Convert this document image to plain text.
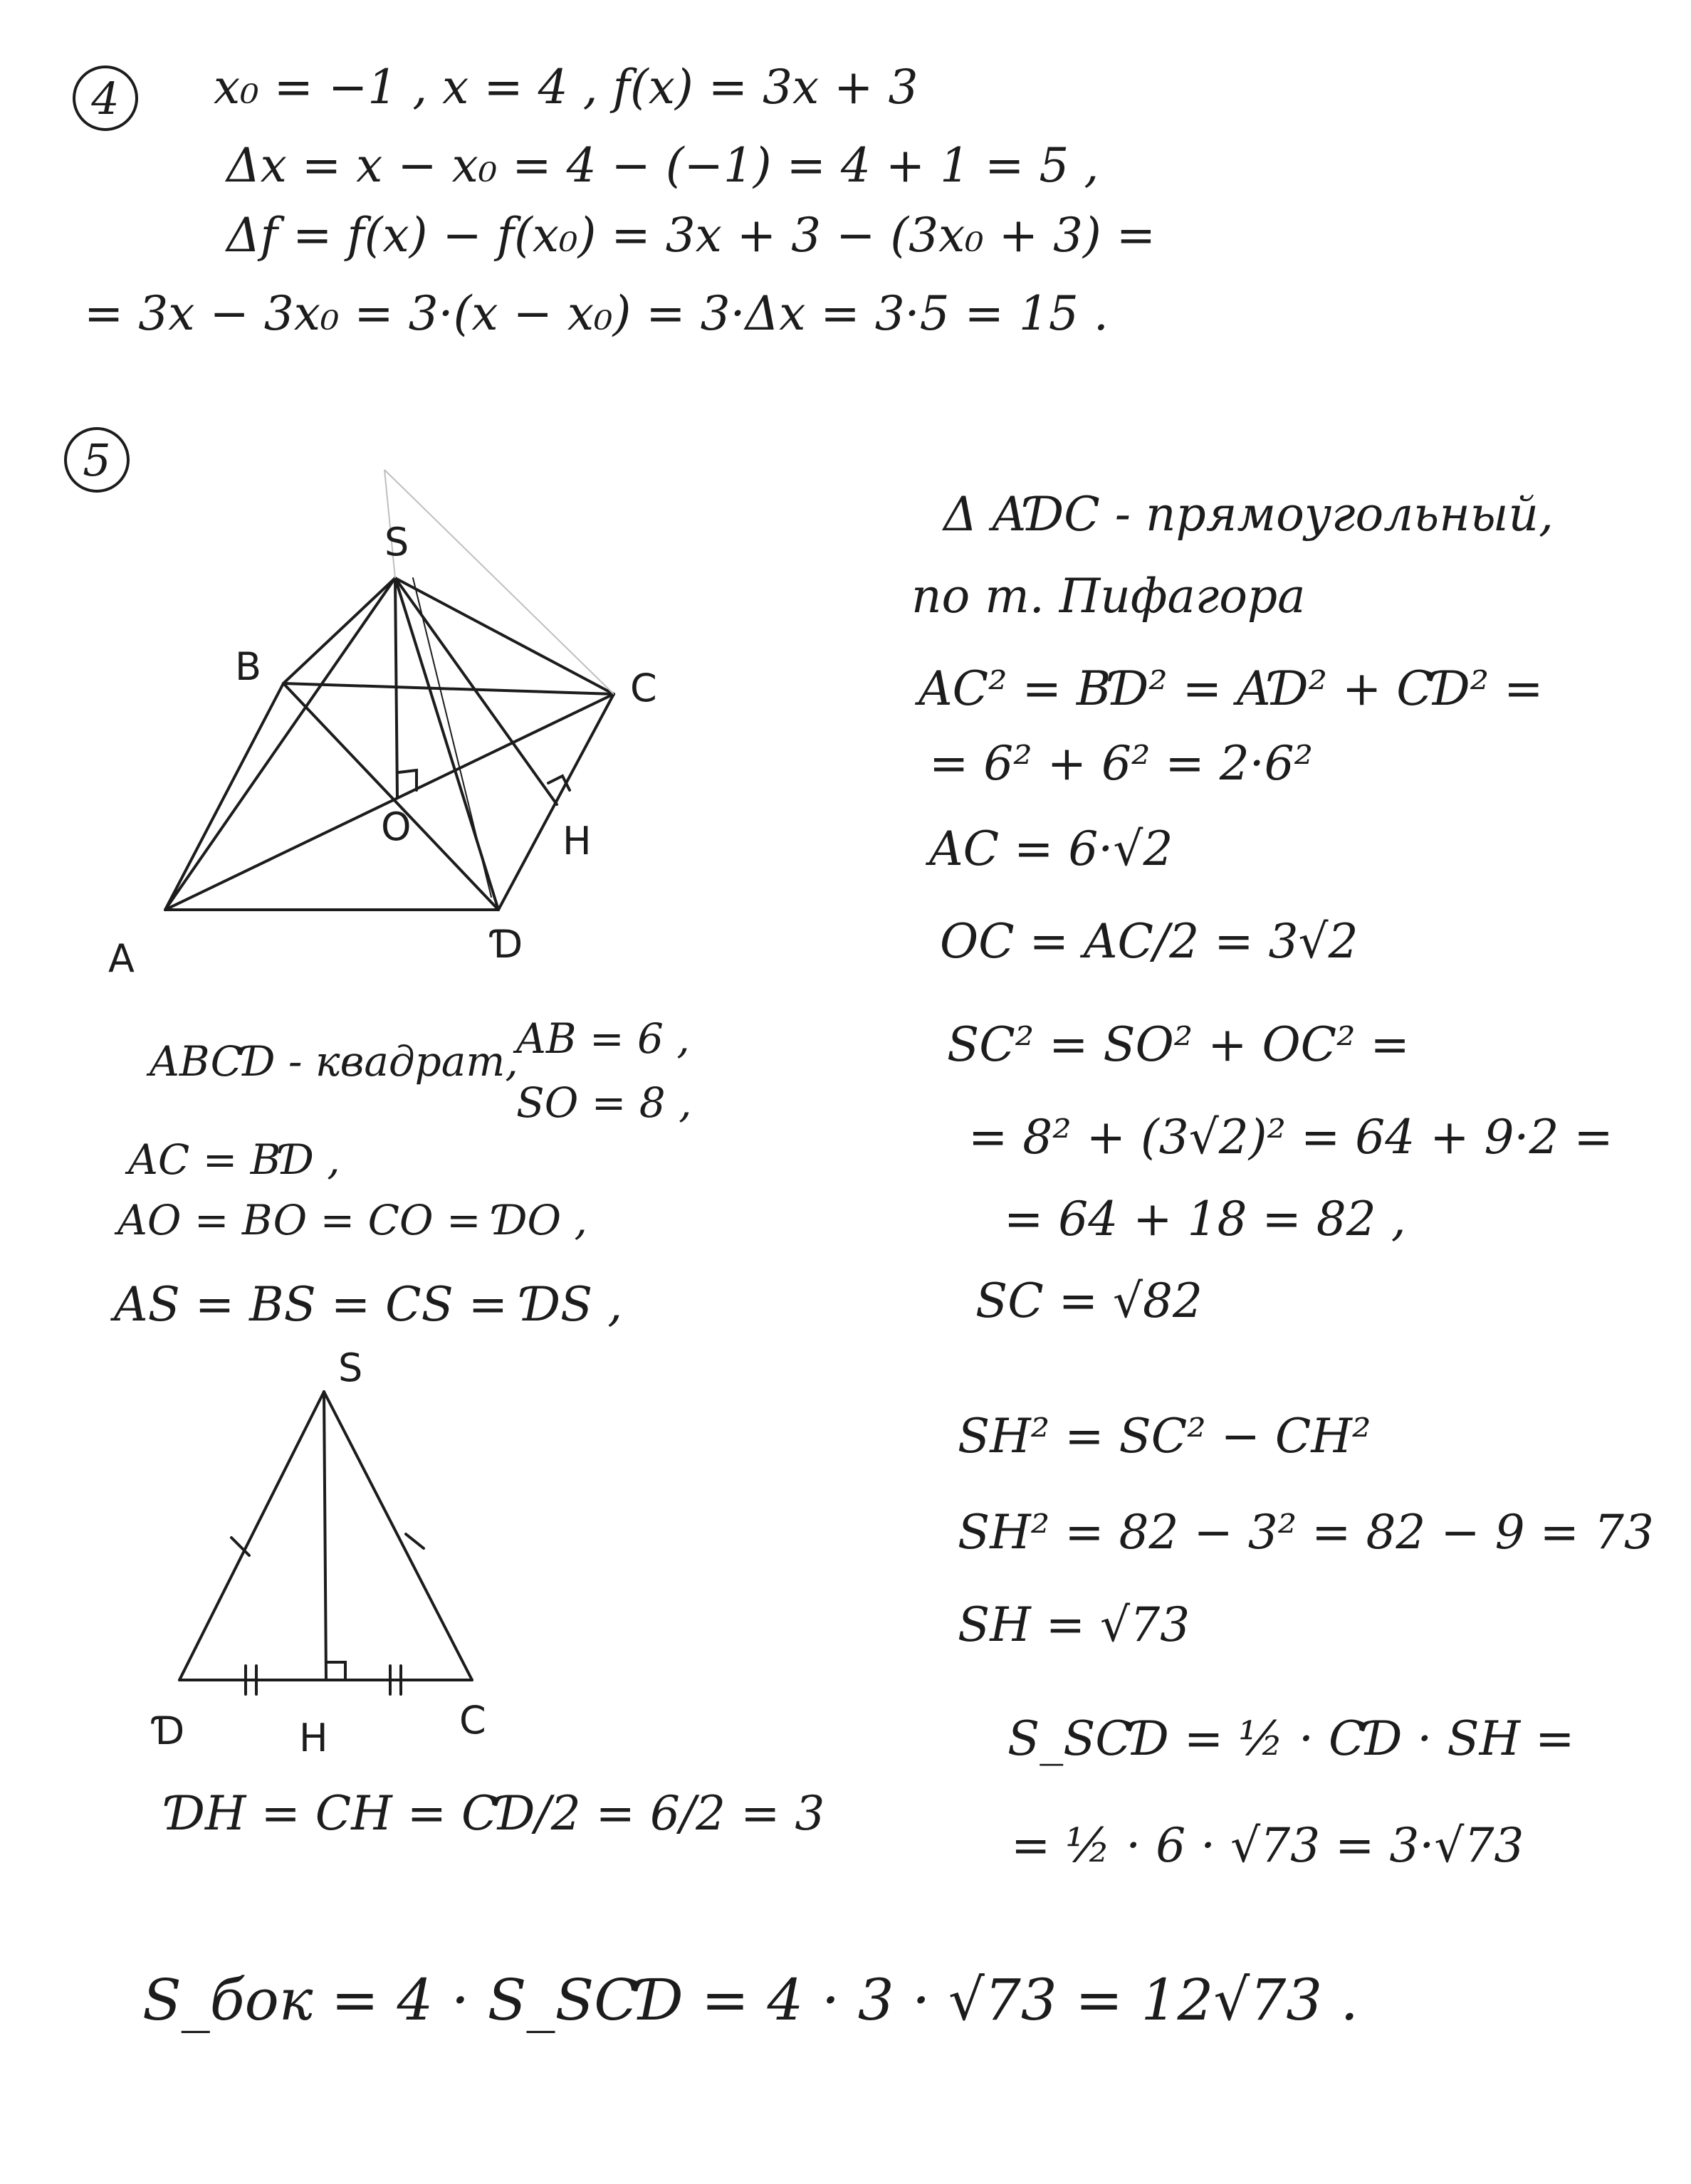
4	x₀ = −1 , x = 4 , f(x) = 3x + 3
Δx = x − x₀ = 4 − (−1) = 4 + 1 = 5 ,
Δf = f(x) − f(x₀) = 3x + 3 − (3x₀ + 3) =
= 3x − 3x₀ = 3·(x − x₀) = 3·Δx = 3·5 = 15 .
5
S
B	C
O	H
A	Ɗ
ABCƊ - квадрат,
AB = 6 ,
SO = 8 ,
AC = BƊ ,
AO = BO = CO = ƊO ,
AS = BS = CS = ƊS ,
S
Ɗ	H	C
ƊH = CH = CƊ/2 = 6/2 = 3
Δ AƊC - прямоугольный,
по т. Пифагора
AC² = BƊ² = AƊ² + CƊ² =
= 6² + 6² = 2·6²
AC = 6·√2
OC = AC/2 = 3√2
SC² = SO² + OC² =
= 8² + (3√2)² = 64 + 9·2 =
= 64 + 18 = 82 ,
SC = √82
SH² = SC² − CH²
SH² = 82 − 3² = 82 − 9 = 73
SH = √73
S_SCƊ = ½ · CƊ · SH =
= ½ · 6 · √73 = 3·√73
S_бок = 4 · S_SCƊ = 4 · 3 · √73 = 12√73 .
